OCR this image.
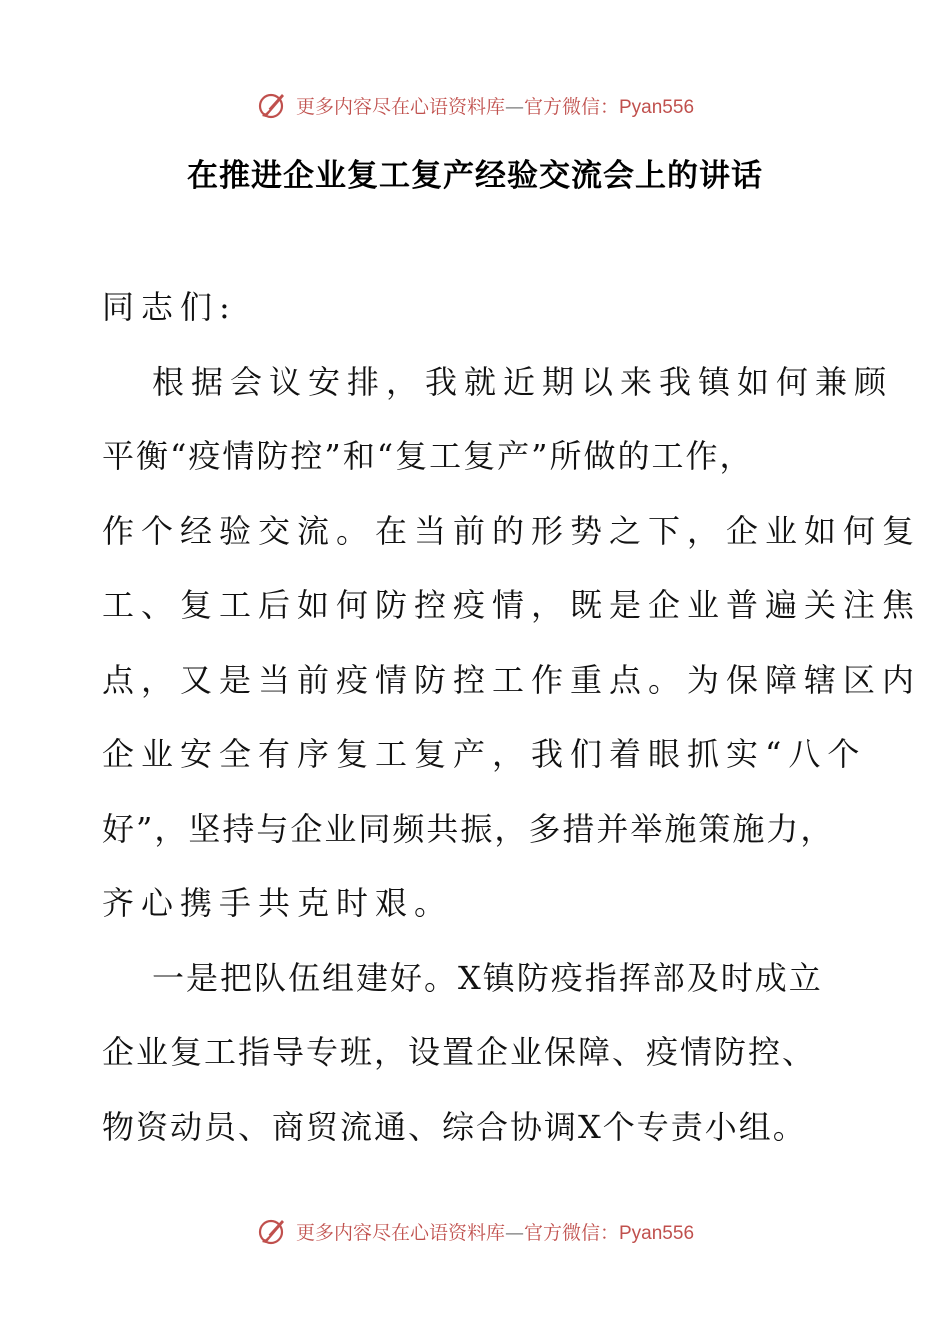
更多内容尽在心语资料库—官方微信：Pyan556
在推进企业复工复产经验交流会上的讲话
同志们:
根据会议安排，我就近期以来我镇如何兼顾
平衡“疫情防控”和“复工复产”所做的工作，
作个经验交流。在当前的形势之下，企业如何复
工、复工后如何防控疫情，既是企业普遍关注焦
点，又是当前疫情防控工作重点。为保障辖区内
企业安全有序复工复产，我们着眼抓实“八个
好”，坚持与企业同频共振，多措并举施策施力，
齐心携手共克时艰。
一是把队伍组建好。X镇防疫指挥部及时成立
企业复工指导专班，设置企业保障、疫情防控、
物资动员、商贸流通、综合协调X个专责小组。
更多内容尽在心语资料库—官方微信：Pyan556
